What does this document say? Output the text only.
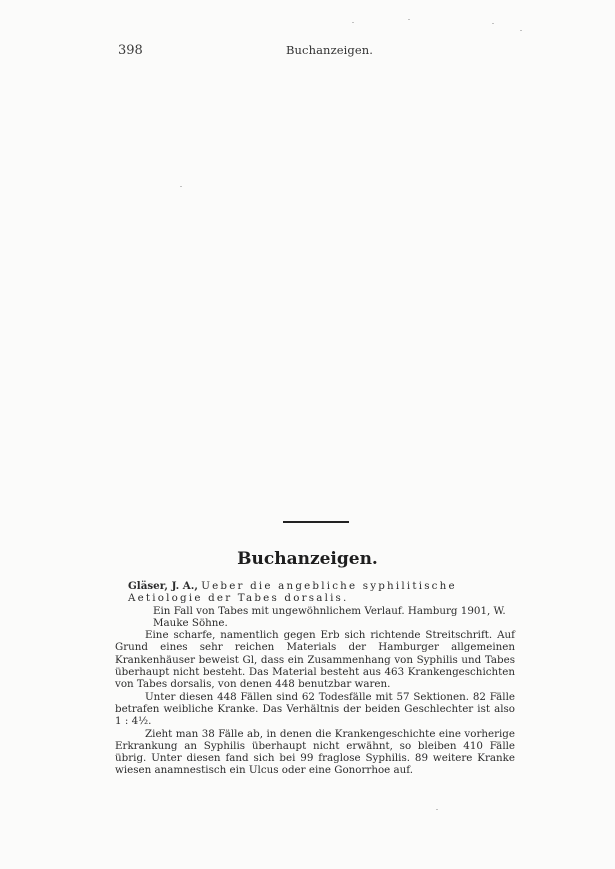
398	Buchanzeigen.
Buchanzeigen.
Gläser, J. A., Ueber die angebliche syphilitische Aetiologie der Tabes dorsalis.
Ein Fall von Tabes mit ungewöhnlichem Verlauf. Hamburg 1901, W. Mauke Söhne.

Eine scharfe, namentlich gegen Erb sich richtende Streitschrift. Auf Grund eines sehr reichen Materials der Hamburger allgemeinen Krankenhäuser beweist Gl, dass ein Zusammenhang von Syphilis und Tabes überhaupt nicht besteht. Das Material besteht aus 463 Krankengeschichten von Tabes dorsalis, von denen 448 benutzbar waren.

Unter diesen 448 Fällen sind 62 Todesfälle mit 57 Sektionen. 82 Fälle betrafen weibliche Kranke. Das Verhältnis der beiden Geschlechter ist also 1 : 4½.

Zieht man 38 Fälle ab, in denen die Krankengeschichte eine vorherige Erkrankung an Syphilis überhaupt nicht erwähnt, so bleiben 410 Fälle übrig. Unter diesen fand sich bei 99 fraglose Syphilis. 89 weitere Kranke wiesen anamnestisch ein Ulcus oder eine Gonorrhoe auf.
